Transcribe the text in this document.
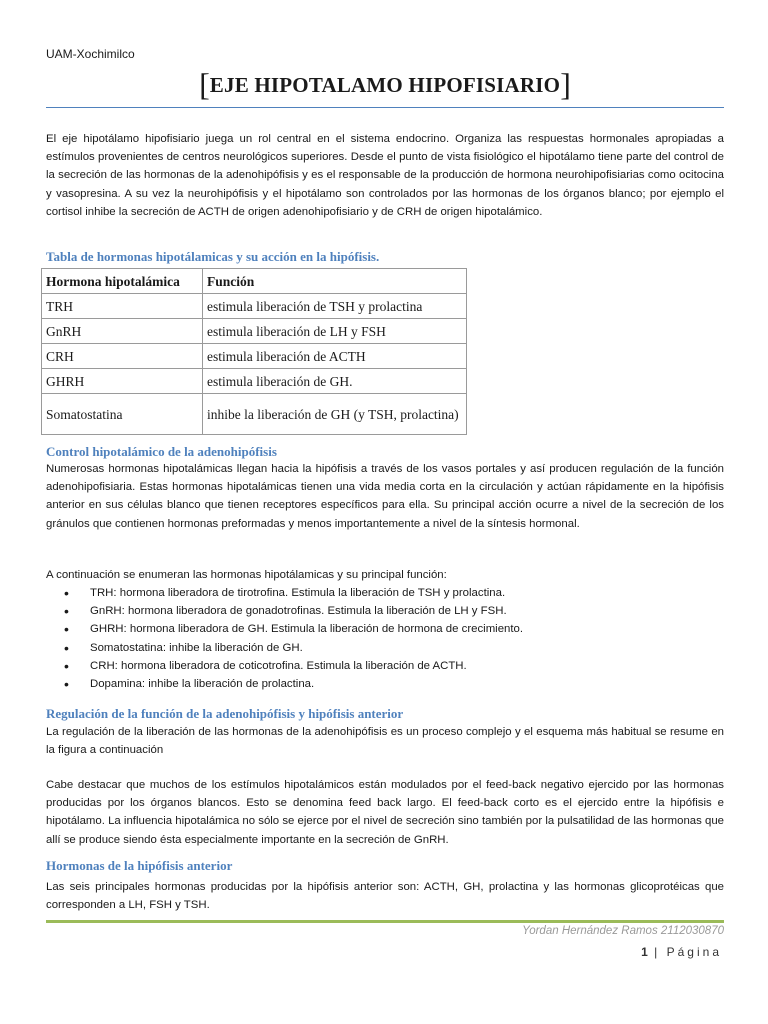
UAM-Xochimilco
[EJE HIPOTALAMO HIPOFISIARIO]

El eje hipotálamo hipofisiario juega un rol central en el sistema endocrino. Organiza las respuestas hormonales apropiadas a estímulos provenientes de centros neurológicos superiores. Desde el punto de vista fisiológico el hipotálamo tiene parte del control de la secreción de las hormonas de la adenohipófisis y es el responsable de la producción de hormona neurohipofisiarias como ocitocina y vasopresina. A su vez la neurohipófisis y el hipotálamo son controlados por las hormonas de los órganos blanco; por ejemplo el cortisol inhibe la secreción de ACTH de origen adenohipofisiario y de CRH de origen hipotalámico.

Tabla de hormonas hipotálamicas y su acción en la hipófisis.
Hormona hipotalámica	Función
TRH	estimula liberación de TSH y prolactina
GnRH	estimula liberación de LH y FSH
CRH	estimula liberación de ACTH
GHRH	estimula liberación de GH.
Somatostatina	inhibe la liberación de GH (y TSH, prolactina)
Control hipotalámico de la adenohipófisis

Numerosas hormonas hipotalámicas llegan hacia la hipófisis a través de los vasos portales y así producen regulación de la función adenohipofisiaria. Estas hormonas hipotalámicas tienen una vida media corta en la circulación y actúan rápidamente en la hipófisis anterior en sus células blanco que tienen receptores específicos para ella. Su principal acción ocurre a nivel de la secreción de los gránulos que contienen hormonas preformadas y menos importantemente a nivel de la síntesis hormonal.

A continuación se enumeran las hormonas hipotálamicas y su principal función:

• TRH: hormona liberadora de tirotrofina. Estimula la liberación de TSH y prolactina.
• GnRH: hormona liberadora de gonadotrofinas. Estimula la liberación de LH y FSH.
• GHRH: hormona liberadora de GH. Estimula la liberación de hormona de crecimiento.
• Somatostatina: inhibe la liberación de GH.
• CRH: hormona liberadora de coticotrofina. Estimula la liberación de ACTH.
• Dopamina: inhibe la liberación de prolactina.
Regulación de la función de la adenohipófisis y hipófisis anterior

La regulación de la liberación de las hormonas de la adenohipófisis es un proceso complejo y el esquema más habitual se resume en la figura a continuación

Cabe destacar que muchos de los estímulos hipotalámicos están modulados por el feed-back negativo ejercido por las hormonas producidas por los órganos blancos. Esto se denomina feed back largo. El feed-back corto es el ejercido entre la hipófisis e hipotálamo. La influencia hipotalámica no sólo se ejerce por el nivel de secreción sino también por la pulsatilidad de las hormonas que allí se produce siendo ésta especialmente importante en la secreción de GnRH.

Hormonas de la hipófisis anterior

Las seis principales hormonas producidas por la hipófisis anterior son: ACTH, GH, prolactina y las hormonas glicoprotéicas que corresponden a LH, FSH y TSH.

Yordan Hernández Ramos 2112030870
1 | Página
